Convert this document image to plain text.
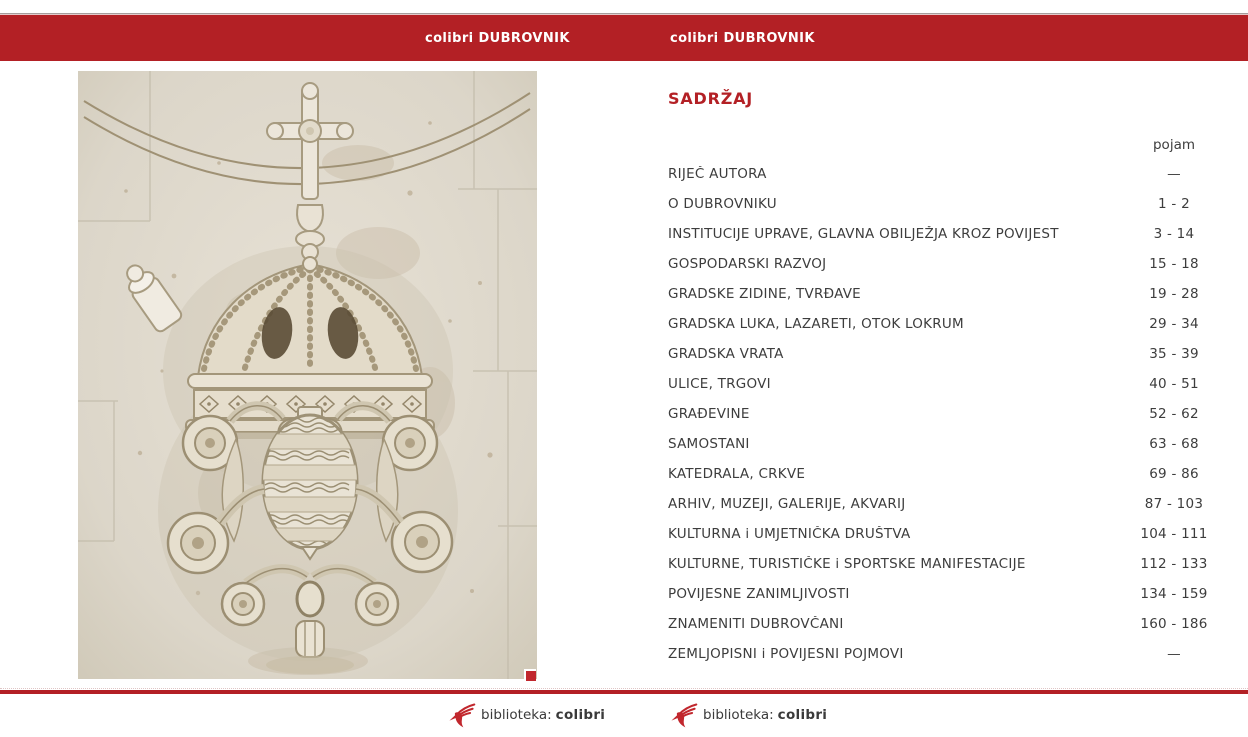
colibri DUBROVNIK	colibri DUBROVNIK
SADRŽAJ
pojam
RIJEČ AUTORA	—
O DUBROVNIKU	1 - 2
INSTITUCIJE UPRAVE, GLAVNA OBILJEŽJA KROZ POVIJEST	3 - 14
GOSPODARSKI RAZVOJ	15 - 18
GRADSKE ZIDINE, TVRĐAVE	19 - 28
GRADSKA LUKA, LAZARETI, OTOK LOKRUM	29 - 34
GRADSKA VRATA	35 - 39
ULICE, TRGOVI	40 - 51
GRAĐEVINE	52 - 62
SAMOSTANI	63 - 68
KATEDRALA, CRKVE	69 - 86
ARHIV, MUZEJI, GALERIJE, AKVARIJ	87 - 103
KULTURNA i UMJETNIČKA DRUŠTVA	104 - 111
KULTURNE, TURISTIČKE i SPORTSKE MANIFESTACIJE	112 - 133
POVIJESNE ZANIMLJIVOSTI	134 - 159
ZNAMENITI DUBROVČANI	160 - 186
ZEMLJOPISNI i POVIJESNI POJMOVI	—
biblioteka: colibri	biblioteka: colibri
